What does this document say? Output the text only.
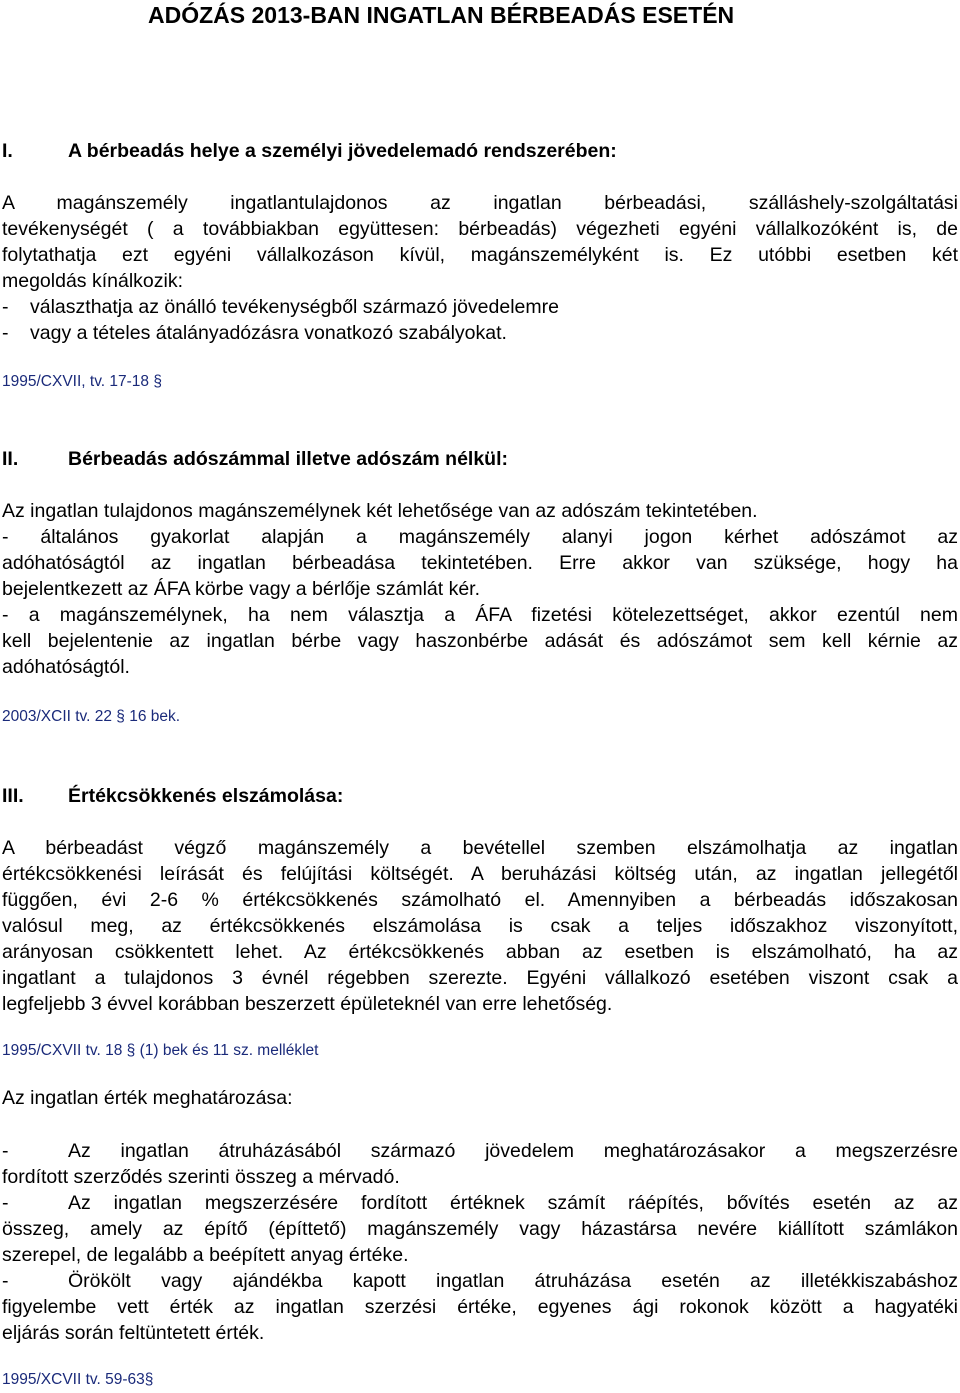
ADÓZÁS 2013-BAN INGATLAN BÉRBEADÁS ESETÉN
I.	A bérbeadás helye a személyi jövedelemadó rendszerében:
A magánszemély ingatlantulajdonos az ingatlan bérbeadási, szálláshely-szolgáltatási
tevékenységét ( a továbbiakban együttesen: bérbeadás) végezheti egyéni vállalkozóként is, de
folytathatja ezt egyéni vállalkozáson kívül, magánszemélyként is. Ez utóbbi esetben két
megoldás kínálkozik:
- választhatja az önálló tevékenységből származó jövedelemre
- vagy a tételes átalányadózásra vonatkozó szabályokat.
1995/CXVII, tv. 17-18 §
II.	Bérbeadás adószámmal illetve adószám nélkül:
Az ingatlan tulajdonos magánszemélynek két lehetősége van az adószám tekintetében.
- általános gyakorlat alapján a magánszemély alanyi jogon kérhet adószámot az
adóhatóságtól az ingatlan bérbeadása tekintetében. Erre akkor van szüksége, hogy ha
bejelentkezett az ÁFA körbe vagy a bérlője számlát kér.
- a magánszemélynek, ha nem választja a ÁFA fizetési kötelezettséget, akkor ezentúl nem
kell bejelentenie az ingatlan bérbe vagy haszonbérbe adását és adószámot sem kell kérnie az
adóhatóságtól.
2003/XCII tv. 22 § 16 bek.
III.	Értékcsökkenés elszámolása:
A bérbeadást végző magánszemély a bevétellel szemben elszámolhatja az ingatlan
értékcsökkenési leírását és felújítási költségét. A beruházási költség után, az ingatlan jellegétől
függően, évi 2-6 % értékcsökkenés számolható el. Amennyiben a bérbeadás időszakosan
valósul meg, az értékcsökkenés elszámolása is csak a teljes időszakhoz viszonyított,
arányosan csökkentett lehet. Az értékcsökkenés abban az esetben is elszámolható, ha az
ingatlant a tulajdonos 3 évnél régebben szerezte. Egyéni vállalkozó esetében viszont csak a
legfeljebb 3 évvel korábban beszerzett épületeknél van erre lehetőség.
1995/CXVII tv. 18 § (1) bek és 11 sz. melléklet
Az ingatlan érték meghatározása:
-	Az ingatlan átruházásából származó jövedelem meghatározásakor a megszerzésre
fordított szerződés szerinti összeg a mérvadó.
-	Az ingatlan megszerzésére fordított értéknek számít ráépítés, bővítés esetén az az
összeg, amely az építő (építtető) magánszemély vagy házastársa nevére kiállított számlákon
szerepel, de legalább a beépített anyag értéke.
-	Örökölt vagy ajándékba kapott ingatlan átruházása esetén az illetékkiszabáshoz
figyelembe vett érték az ingatlan szerzési értéke, egyenes ági rokonok között a hagyatéki
eljárás során feltüntetett érték.
1995/XCVII tv. 59-63§
